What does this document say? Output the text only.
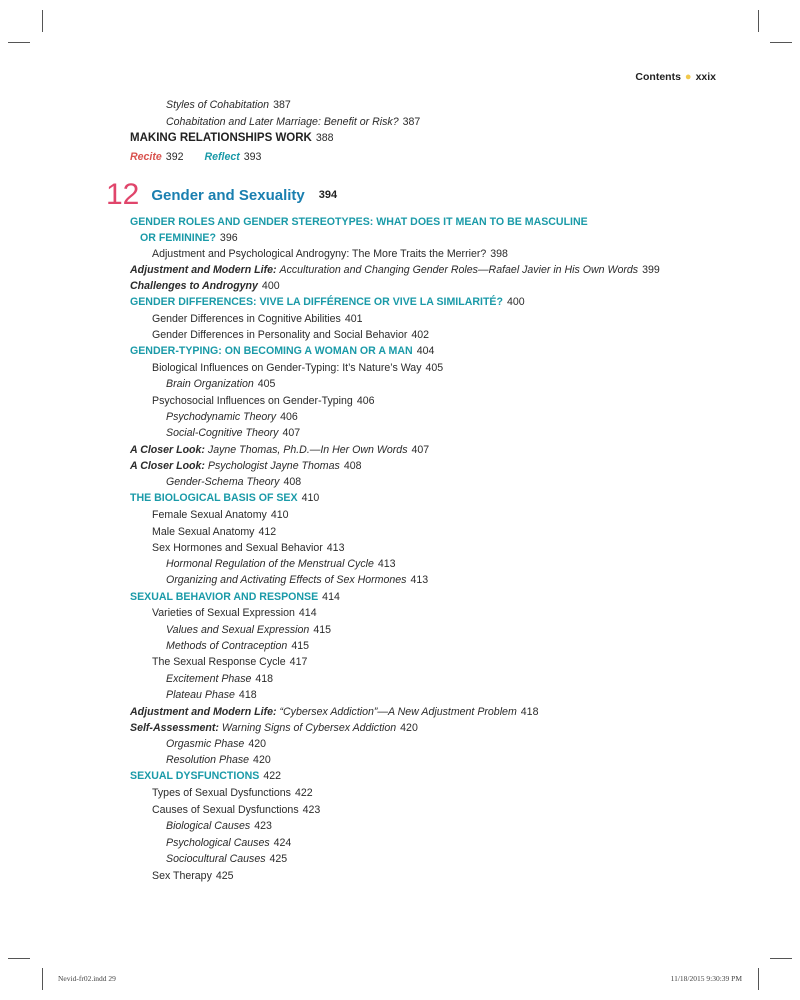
Contents ● xxix
Styles of Cohabitation 387
Cohabitation and Later Marriage: Benefit or Risk? 387
MAKING RELATIONSHIPS WORK 388
Recite 392 Reflect 393
12 Gender and Sexuality 394
GENDER ROLES AND GENDER STEREOTYPES: WHAT DOES IT MEAN TO BE MASCULINE
OR FEMININE? 396
Adjustment and Psychological Androgyny: The More Traits the Merrier? 398
Adjustment and Modern Life: Acculturation and Changing Gender Roles—Rafael Javier in His Own Words 399
Challenges to Androgyny 400
GENDER DIFFERENCES: VIVE LA DIFFÉRENCE OR VIVE LA SIMILARITÉ? 400
Gender Differences in Cognitive Abilities 401
Gender Differences in Personality and Social Behavior 402
GENDER-TYPING: ON BECOMING A WOMAN OR A MAN 404
Biological Influences on Gender-Typing: It’s Nature’s Way 405
Brain Organization 405
Psychosocial Influences on Gender-Typing 406
Psychodynamic Theory 406
Social-Cognitive Theory 407
A Closer Look: Jayne Thomas, Ph.D.—In Her Own Words 407
A Closer Look: Psychologist Jayne Thomas 408
Gender-Schema Theory 408
THE BIOLOGICAL BASIS OF SEX 410
Female Sexual Anatomy 410
Male Sexual Anatomy 412
Sex Hormones and Sexual Behavior 413
Hormonal Regulation of the Menstrual Cycle 413
Organizing and Activating Effects of Sex Hormones 413
SEXUAL BEHAVIOR AND RESPONSE 414
Varieties of Sexual Expression 414
Values and Sexual Expression 415
Methods of Contraception 415
The Sexual Response Cycle 417
Excitement Phase 418
Plateau Phase 418
Adjustment and Modern Life: “Cybersex Addiction”—A New Adjustment Problem 418
Self-Assessment: Warning Signs of Cybersex Addiction 420
Orgasmic Phase 420
Resolution Phase 420
SEXUAL DYSFUNCTIONS 422
Types of Sexual Dysfunctions 422
Causes of Sexual Dysfunctions 423
Biological Causes 423
Psychological Causes 424
Sociocultural Causes 425
Sex Therapy 425
Nevid-fr02.indd 29	11/18/2015 9:30:39 PM
